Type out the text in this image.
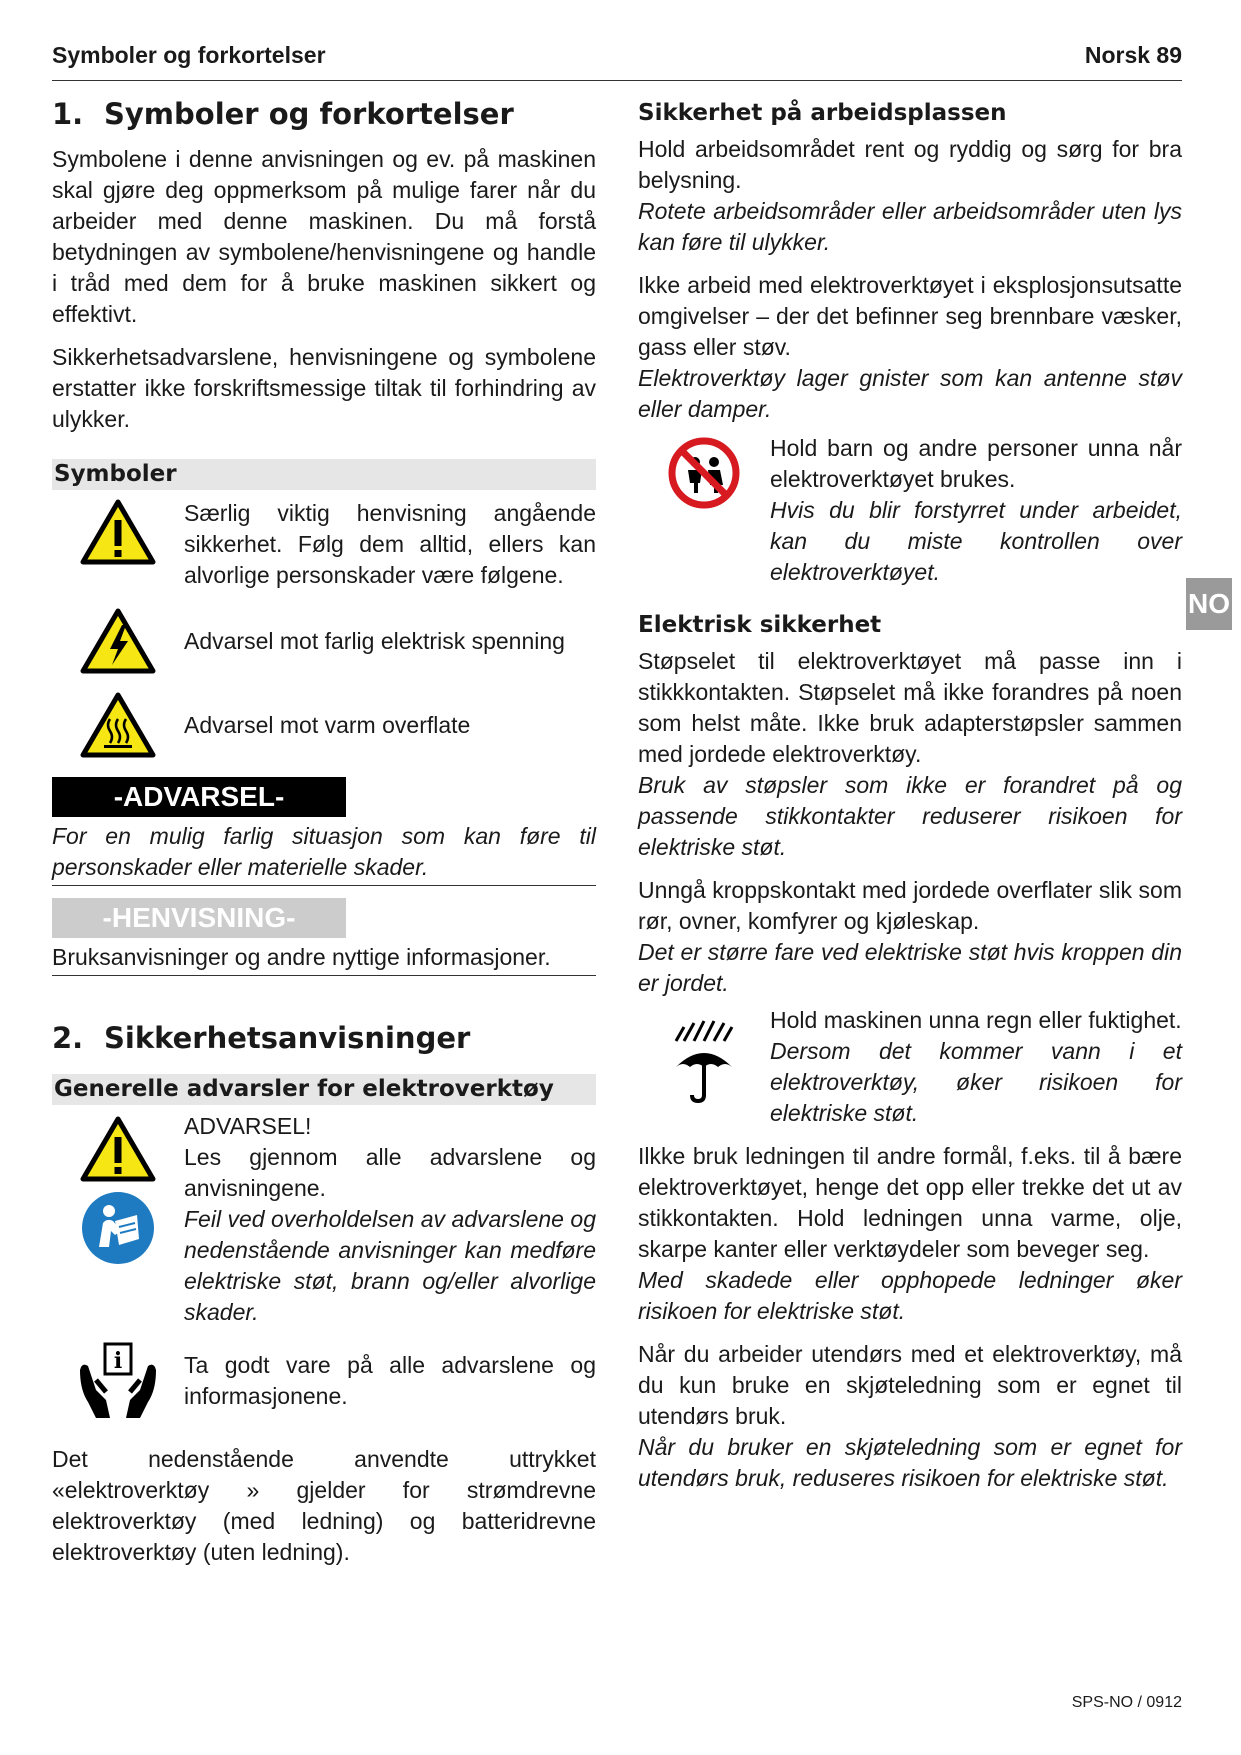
Symboler og forkortelser	Norsk 89
NO
1. Symboler og forkortelser

Symbolene i denne anvisningen og ev. på maskinen skal gjøre deg oppmerksom på mulige farer når du arbeider med denne maskinen. Du må forstå betydningen av symbolene/henvisningene og handle i tråd med dem for å bruke maskinen sikkert og effektivt.

Sikkerhetsadvarslene, henvisningene og symbolene erstatter ikke forskriftsmessige tiltak til forhindring av ulykker.

Symboler

Særlig viktig henvisning angående sikkerhet. Følg dem alltid, ellers kan alvorlige personskader være følgene.

Advarsel mot farlig elektrisk spenning

Advarsel mot varm overflate

-ADVARSEL-

For en mulig farlig situasjon som kan føre til personskader eller materielle skader.

-HENVISNING-

Bruksanvisninger og andre nyttige informasjoner.

2. Sikkerhetsanvisninger
Generelle advarsler for elektroverktøy

ADVARSEL!

Les gjennom alle advarslene og anvisningene.

Feil ved overholdelsen av advarslene og nedenstående anvisninger kan medføre elektriske støt, brann og/eller alvorlige skader.

i	Ta godt vare på alle advarslene og informasjonene.

Det nedenstående anvendte uttrykket «elektroverktøy » gjelder for strømdrevne elektroverktøy (med ledning) og batteridrevne elektroverktøy (uten ledning).

Sikkerhet på arbeidsplassen

Hold arbeidsområdet rent og ryddig og sørg for bra belysning.

Rotete arbeidsområder eller arbeidsområder uten lys kan føre til ulykker.

Ikke arbeid med elektroverktøyet i eksplosjonsutsatte omgivelser – der det befinner seg brennbare væsker, gass eller støv.

Elektroverktøy lager gnister som kan antenne støv eller damper.

Hold barn og andre personer unna når elektroverktøyet brukes.

Hvis du blir forstyrret under arbeidet, kan du miste kontrollen over elektroverktøyet.

Elektrisk sikkerhet

Støpselet til elektroverktøyet må passe inn i stikkkontakten. Støpselet må ikke forandres på noen som helst måte. Ikke bruk adapterstøpsler sammen med jordede elektroverktøy.

Bruk av støpsler som ikke er forandret på og passende stikkontakter reduserer risikoen for elektriske støt.

Unngå kroppskontakt med jordede overflater slik som rør, ovner, komfyrer og kjøleskap.

Det er større fare ved elektriske støt hvis kroppen din er jordet.

Hold maskinen unna regn eller fuktighet.

Dersom det kommer vann i et elektroverktøy, øker risikoen for elektriske støt.

Ilkke bruk ledningen til andre formål, f.eks. til å bære elektroverktøyet, henge det opp eller trekke det ut av stikkontakten. Hold ledningen unna varme, olje, skarpe kanter eller verktøydeler som beveger seg.

Med skadede eller opphopede ledninger øker risikoen for elektriske støt.

Når du arbeider utendørs med et elektroverktøy, må du kun bruke en skjøteledning som er egnet til utendørs bruk.

Når du bruker en skjøteledning som er egnet for utendørs bruk, reduseres risikoen for elektriske støt.

SPS-NO / 0912
